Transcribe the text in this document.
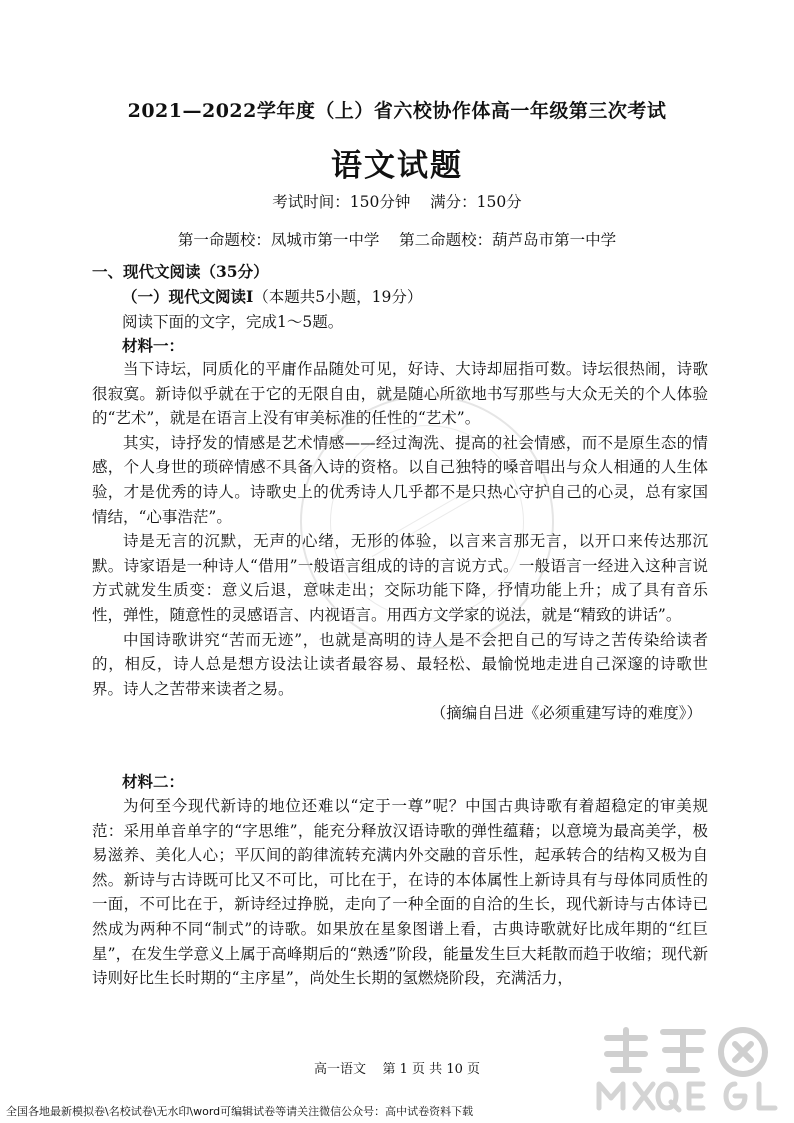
2021—2022学年度（上）省六校协作体高一年级第三次考试
语文试题
考试时间：150分钟    满分：150分
第一命题校：凤城市第一中学    第二命题校：葫芦岛市第一中学
一、现代文阅读（35分）
（一）现代文阅读Ⅰ（本题共5小题，19分）
阅读下面的文字，完成1～5题。
材料一：

当下诗坛，同质化的平庸作品随处可见，好诗、大诗却屈指可数。诗坛很热闹，诗歌很寂寞。新诗似乎就在于它的无限自由，就是随心所欲地书写那些与大众无关的个人体验的“艺术”，就是在语言上没有审美标准的任性的“艺术”。

其实，诗抒发的情感是艺术情感——经过淘洗、提高的社会情感，而不是原生态的情感，个人身世的琐碎情感不具备入诗的资格。以自己独特的嗓音唱出与众人相通的人生体验，才是优秀的诗人。诗歌史上的优秀诗人几乎都不是只热心守护自己的心灵，总有家国情结，“心事浩茫”。

诗是无言的沉默，无声的心绪，无形的体验，以言来言那无言，以开口来传达那沉默。诗家语是一种诗人“借用”一般语言组成的诗的言说方式。一般语言一经进入这种言说方式就发生质变：意义后退，意味走出；交际功能下降，抒情功能上升；成了具有音乐性，弹性，随意性的灵感语言、内视语言。用西方文学家的说法，就是“精致的讲话”。

中国诗歌讲究“苦而无迹”，也就是高明的诗人是不会把自己的写诗之苦传染给读者的，相反，诗人总是想方设法让读者最容易、最轻松、最愉悦地走进自己深邃的诗歌世界。诗人之苦带来读者之易。

（摘编自吕进《必须重建写诗的难度》）

材料二：

为何至今现代新诗的地位还难以“定于一尊”呢？中国古典诗歌有着超稳定的审美规范：采用单音单字的“字思维”，能充分释放汉语诗歌的弹性蕴藉；以意境为最高美学，极易滋养、美化人心；平仄间的韵律流转充满内外交融的音乐性，起承转合的结构又极为自然。新诗与古诗既可比又不可比，可比在于，在诗的本体属性上新诗具有与母体同质性的一面，不可比在于，新诗经过挣脱，走向了一种全面的自洽的生长，现代新诗与古体诗已然成为两种不同“制式”的诗歌。如果放在星象图谱上看，古典诗歌就好比成年期的“红巨星”，在发生学意义上属于高峰期后的“熟透”阶段，能量发生巨大耗散而趋于收缩；现代新诗则好比生长时期的“主序星”，尚处生长期的氢燃烧阶段，充满活力，

高一语文    第 1 页 共 10 页
全国各地最新模拟卷\名校试卷\无水印\word可编辑试卷等请关注微信公众号：高中试卷资料下载
